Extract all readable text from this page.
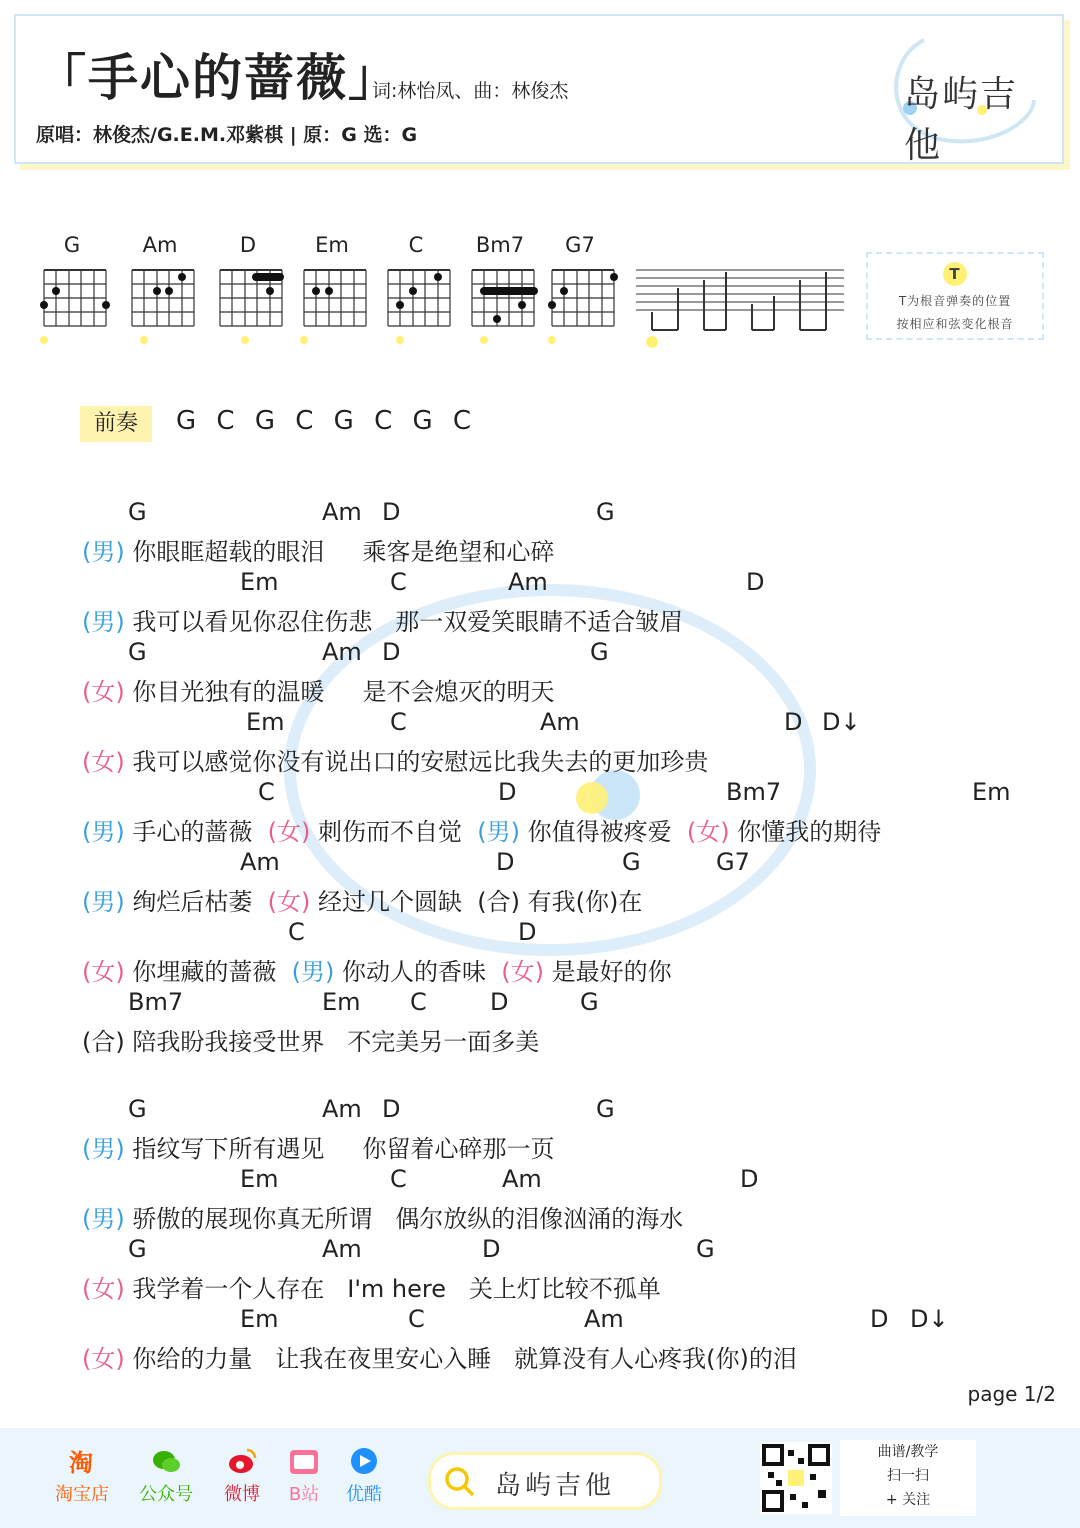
「手心的蔷薇」
词:林怡凤、曲：林俊杰
原唱：林俊杰/G.E.M.邓紫棋 | 原：G 选：G
岛屿吉他
G	Am	D	Em	C	Bm7	G7
T
T为根音弹奏的位置
按相应和弦变化根音
前奏	G C G C G C G C
G	Am D	G
(男) 你眼眶超载的眼泪     乘客是绝望和心碎
Em	C	Am	D
(男) 我可以看见你忍住伤悲   那一双爱笑眼睛不适合皱眉
G	Am D	G
(女) 你目光独有的温暖     是不会熄灭的明天
Em	C	Am	D D↓
(女) 我可以感觉你没有说出口的安慰远比我失去的更加珍贵
C	D	Bm7	Em
(男) 手心的蔷薇  (女) 刺伤而不自觉  (男) 你值得被疼爱  (女) 你懂我的期待
Am	D	G	G7
(男) 绚烂后枯萎  (女) 经过几个圆缺  (合) 有我(你)在
C	D
(女) 你埋藏的蔷薇  (男) 你动人的香味  (女) 是最好的你
Bm7	Em C	D	G
(合) 陪我盼我接受世界   不完美另一面多美
G	Am D	G
(男) 指纹写下所有遇见     你留着心碎那一页
Em	C	Am	D
(男) 骄傲的展现你真无所谓   偶尔放纵的泪像汹涌的海水
G	Am	D	G
(女) 我学着一个人存在   I'm here   关上灯比较不孤单
Em	C	Am	D D↓
(女) 你给的力量   让我在夜里安心入睡   就算没有人心疼我(你)的泪
page 1/2
淘
淘宝店 公众号	微博	B站	优酷	岛屿吉他
曲谱/教学
扫一扫
+ 关注
